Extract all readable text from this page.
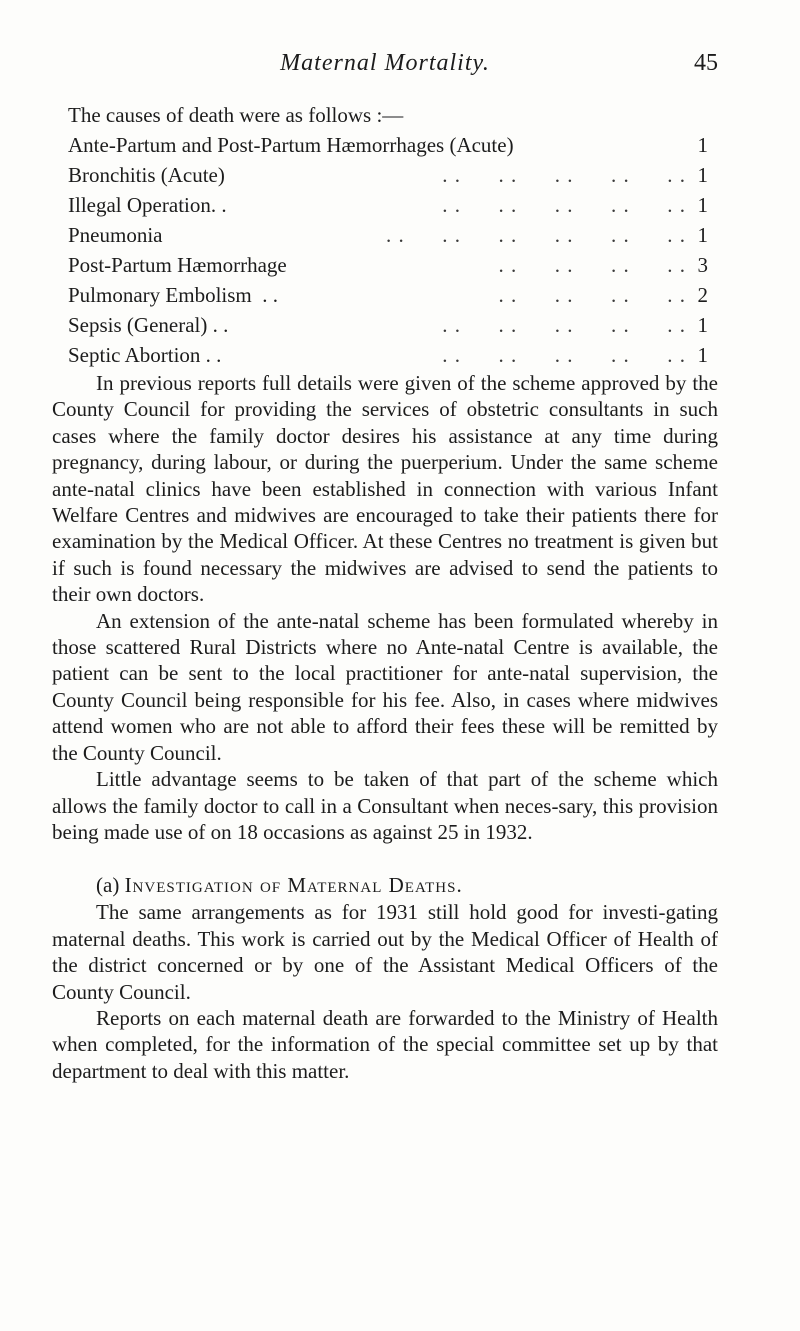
Maternal Mortality.	45
The causes of death were as follows :—
Ante-Partum and Post-Partum Hæmorrhages (Acute)		1
Bronchitis (Acute)	. .      . .      . .      . .      . .	1
Illegal Operation. .	. .      . .      . .      . .      . .	1
Pneumonia	. .      . .      . .      . .      . .      . .	1
Post-Partum Hæmorrhage	. .      . .      . .      . .	3
Pulmonary Embolism  . .	. .      . .      . .      . .	2
Sepsis (General) . .	. .      . .      . .      . .      . .	1
Septic Abortion . .	. .      . .      . .      . .      . .	1

In previous reports full details were given of the scheme approved by the County Council for providing the services of obstetric consultants in such cases where the family doctor desires his assistance at any time during pregnancy, during labour, or during the puerperium. Under the same scheme ante-natal clinics have been established in connection with various Infant Welfare Centres and midwives are encouraged to take their patients there for examination by the Medical Officer. At these Centres no treatment is given but if such is found necessary the midwives are advised to send the patients to their own doctors.

An extension of the ante-natal scheme has been formulated whereby in those scattered Rural Districts where no Ante-natal Centre is available, the patient can be sent to the local practitioner for ante-natal supervision, the County Council being responsible for his fee. Also, in cases where midwives attend women who are not able to afford their fees these will be remitted by the County Council.

Little advantage seems to be taken of that part of the scheme which allows the family doctor to call in a Consultant when neces-sary, this provision being made use of on 18 occasions as against 25 in 1932.

(a) Investigation of Maternal Deaths.

The same arrangements as for 1931 still hold good for investi-gating maternal deaths. This work is carried out by the Medical Officer of Health of the district concerned or by one of the Assistant Medical Officers of the County Council.

Reports on each maternal death are forwarded to the Ministry of Health when completed, for the information of the special committee set up by that department to deal with this matter.
